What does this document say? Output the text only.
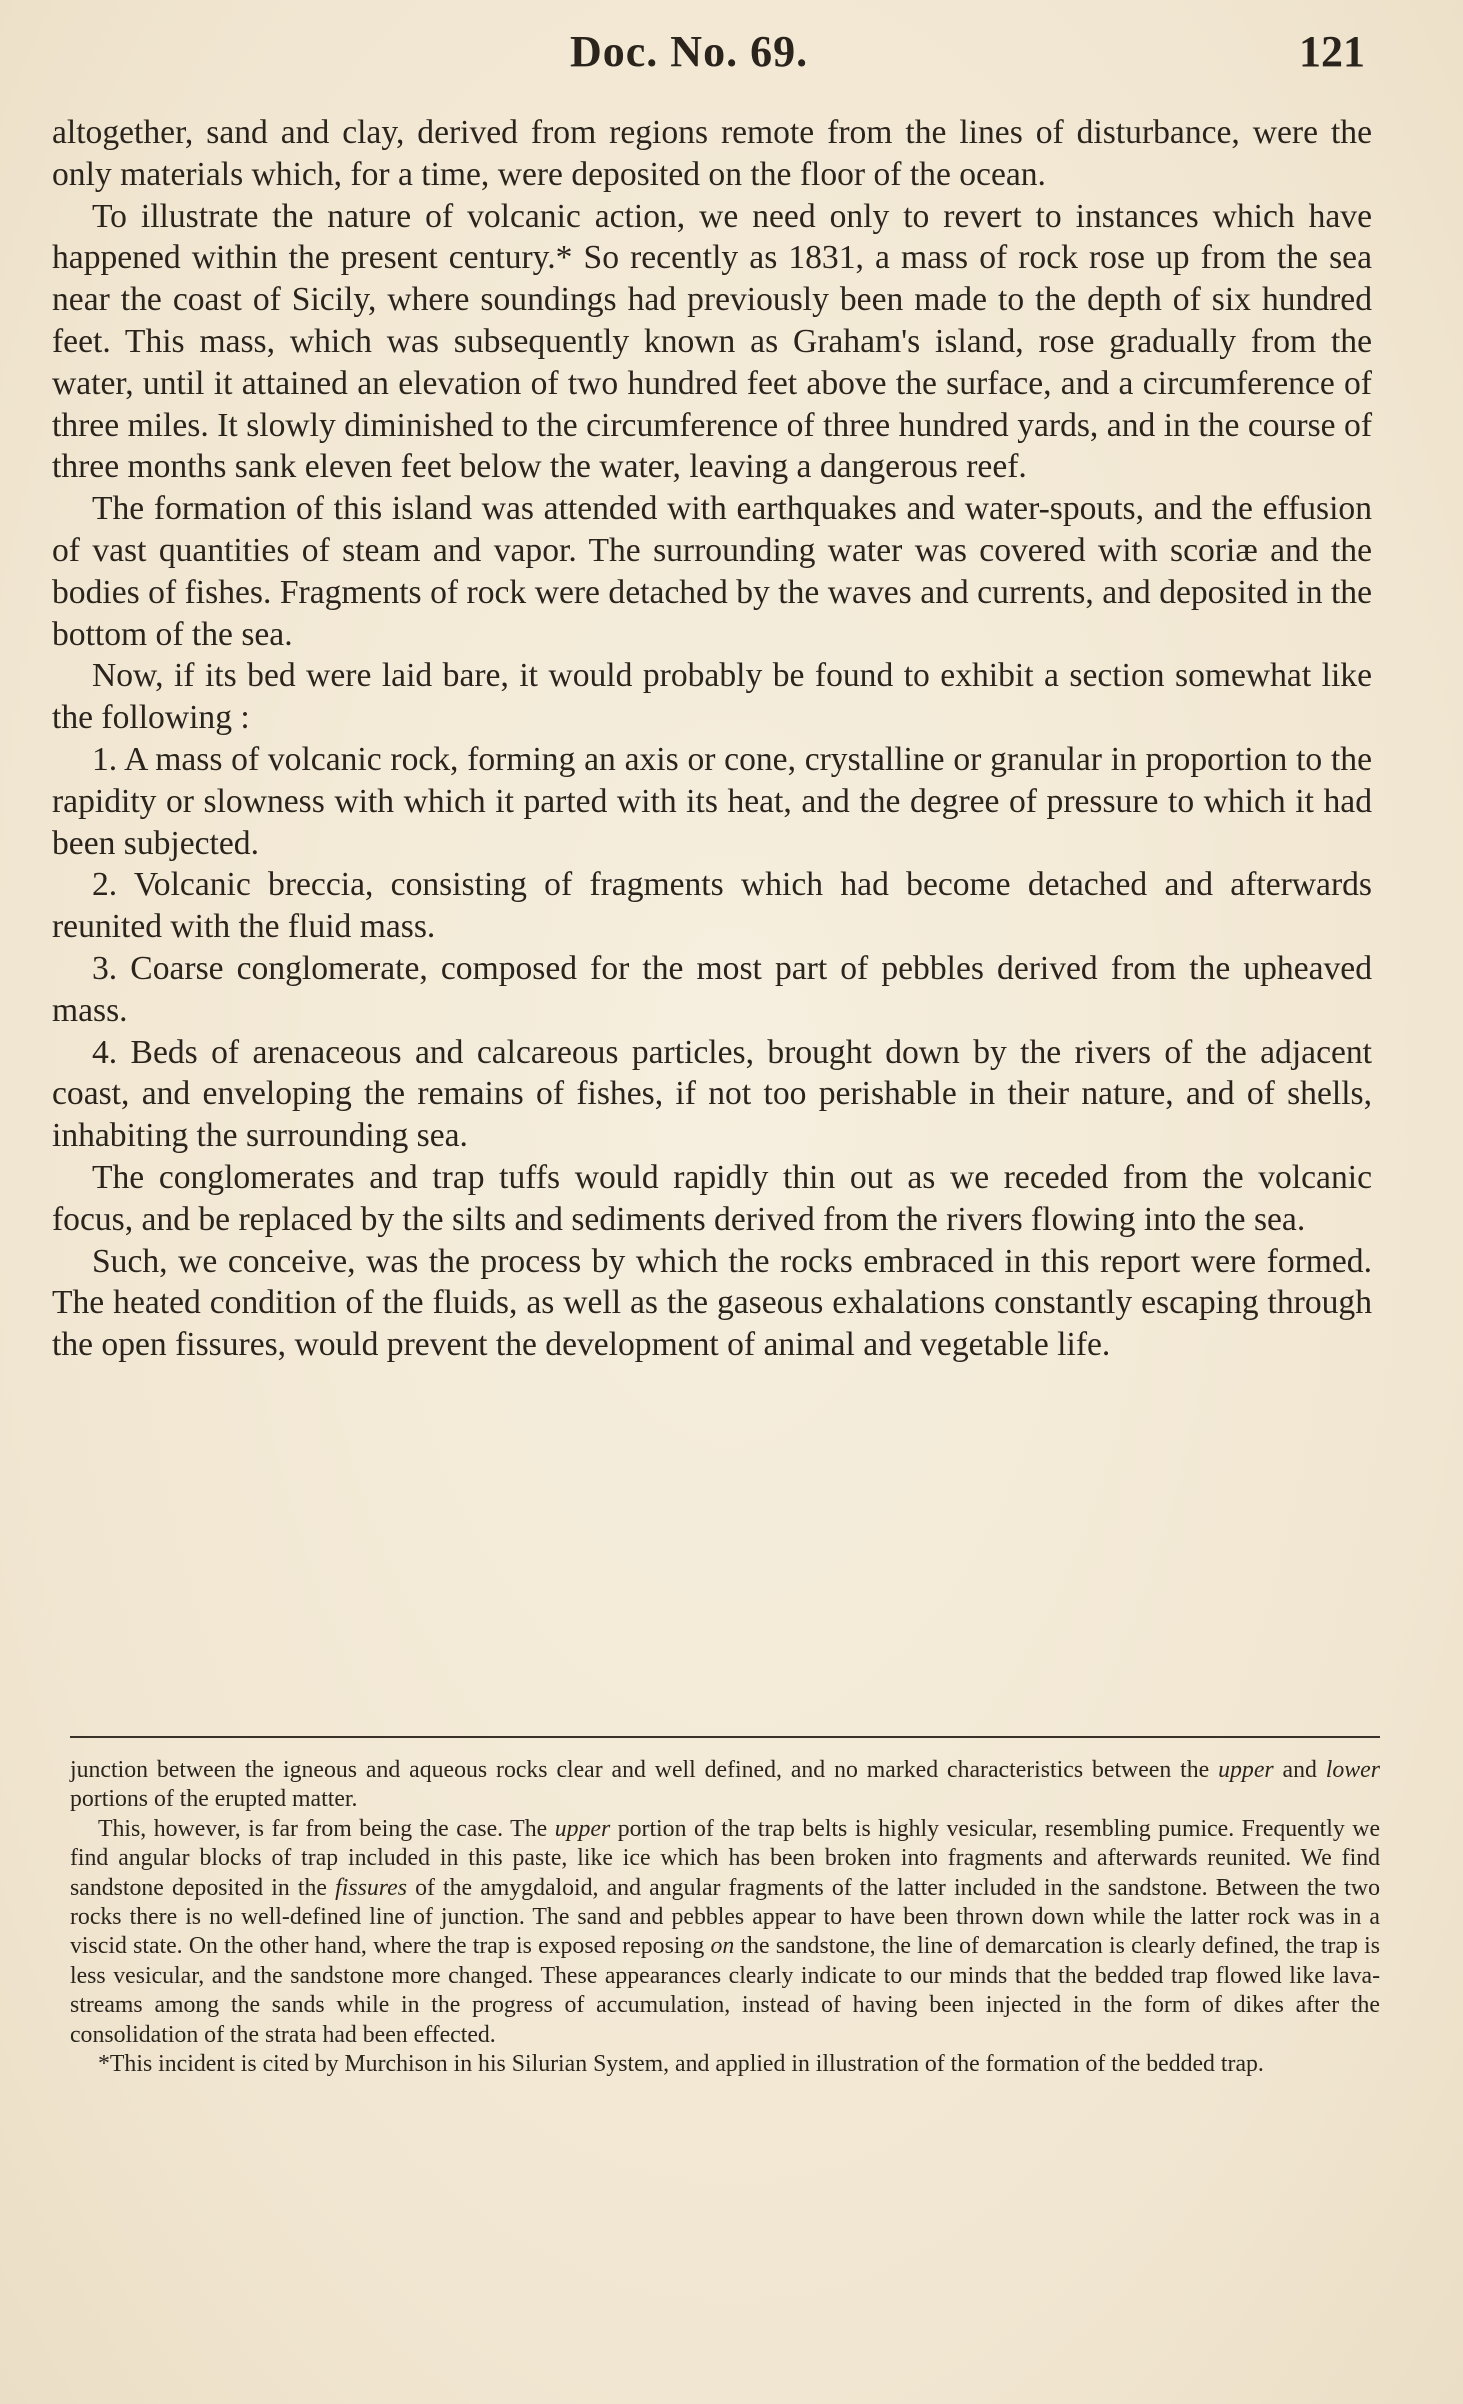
Doc. No. 69.	121

altogether, sand and clay, derived from regions remote from the lines of disturbance, were the only materials which, for a time, were deposited on the floor of the ocean.

To illustrate the nature of volcanic action, we need only to revert to instances which have happened within the present century.* So recently as 1831, a mass of rock rose up from the sea near the coast of Sicily, where soundings had previously been made to the depth of six hundred feet. This mass, which was subsequently known as Graham's island, rose gradually from the water, until it attained an elevation of two hundred feet above the surface, and a circumference of three miles. It slowly diminished to the circumference of three hundred yards, and in the course of three months sank eleven feet below the water, leaving a dangerous reef.

The formation of this island was attended with earthquakes and water-spouts, and the effusion of vast quantities of steam and vapor. The surrounding water was covered with scoriæ and the bodies of fishes. Fragments of rock were detached by the waves and currents, and deposited in the bottom of the sea.

Now, if its bed were laid bare, it would probably be found to exhibit a section somewhat like the following :

1. A mass of volcanic rock, forming an axis or cone, crystalline or granular in proportion to the rapidity or slowness with which it parted with its heat, and the degree of pressure to which it had been subjected.

2. Volcanic breccia, consisting of fragments which had become detached and afterwards reunited with the fluid mass.

3. Coarse conglomerate, composed for the most part of pebbles derived from the upheaved mass.

4. Beds of arenaceous and calcareous particles, brought down by the rivers of the adjacent coast, and enveloping the remains of fishes, if not too perishable in their nature, and of shells, inhabiting the surrounding sea.

The conglomerates and trap tuffs would rapidly thin out as we receded from the volcanic focus, and be replaced by the silts and sediments derived from the rivers flowing into the sea.

Such, we conceive, was the process by which the rocks embraced in this report were formed. The heated condition of the fluids, as well as the gaseous exhalations constantly escaping through the open fissures, would prevent the development of animal and vegetable life.

junction between the igneous and aqueous rocks clear and well defined, and no marked characteristics between the upper and lower portions of the erupted matter.

This, however, is far from being the case. The upper portion of the trap belts is highly vesicular, resembling pumice. Frequently we find angular blocks of trap included in this paste, like ice which has been broken into fragments and afterwards reunited. We find sandstone deposited in the fissures of the amygdaloid, and angular fragments of the latter included in the sandstone. Between the two rocks there is no well-defined line of junction. The sand and pebbles appear to have been thrown down while the latter rock was in a viscid state. On the other hand, where the trap is exposed reposing on the sandstone, the line of demarcation is clearly defined, the trap is less vesicular, and the sandstone more changed. These appearances clearly indicate to our minds that the bedded trap flowed like lava-streams among the sands while in the progress of accumulation, instead of having been injected in the form of dikes after the consolidation of the strata had been effected.

*This incident is cited by Murchison in his Silurian System, and applied in illustration of the formation of the bedded trap.
